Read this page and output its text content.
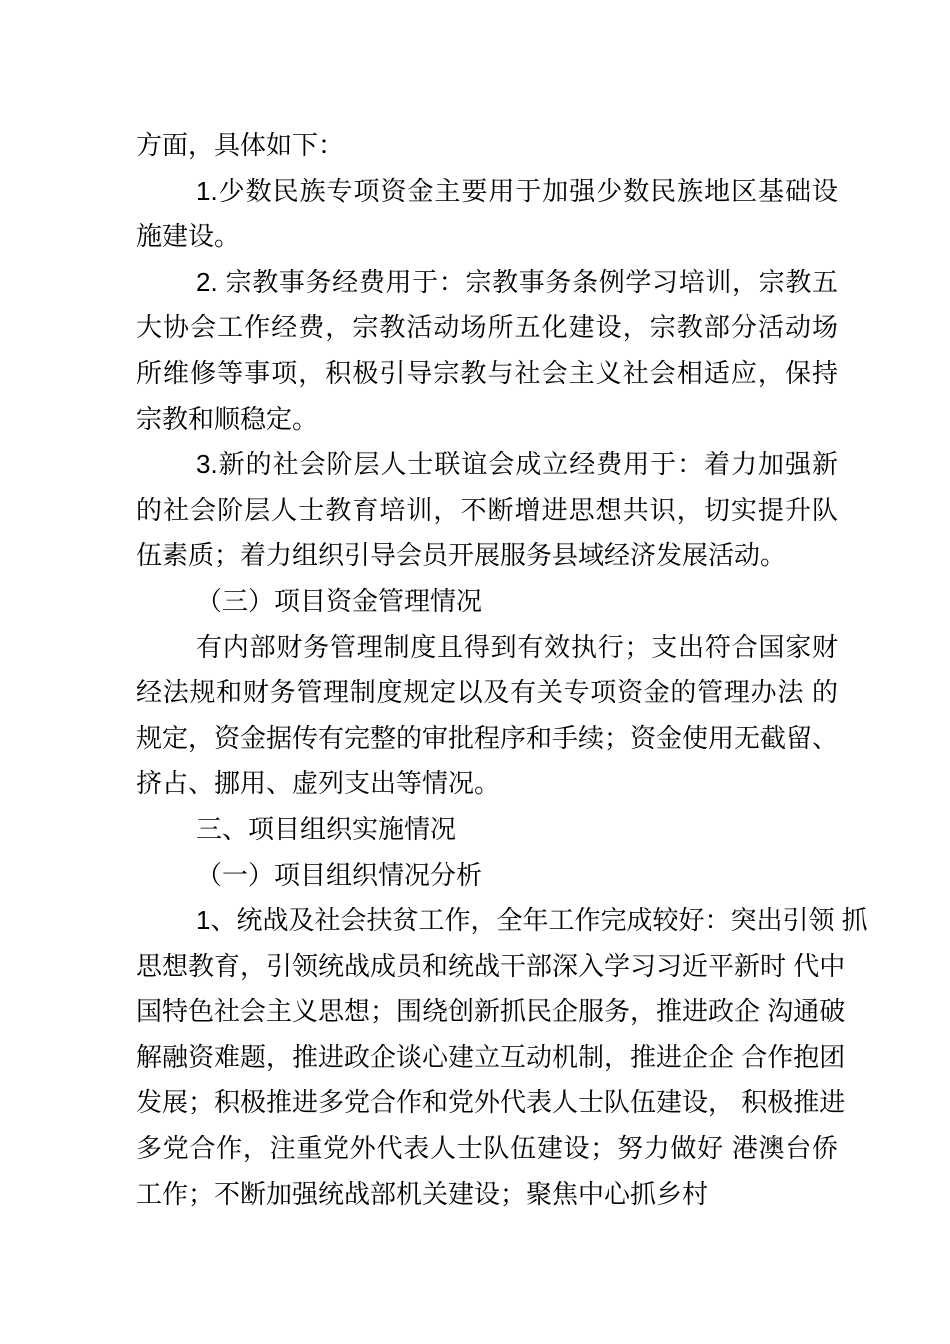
方面，具体如下：
1.少数民族专项资金主要用于加强少数民族地区基础设
施建设。
2. 宗教事务经费用于：宗教事务条例学习培训，宗教五
大协会工作经费，宗教活动场所五化建设，宗教部分活动场
所维修等事项，积极引导宗教与社会主义社会相适应，保持
宗教和顺稳定。
3.新的社会阶层人士联谊会成立经费用于：着力加强新
的社会阶层人士教育培训，不断增进思想共识，切实提升队
伍素质；着力组织引导会员开展服务县域经济发展活动。
（三）项目资金管理情况
有内部财务管理制度且得到有效执行；支出符合国家财
经法规和财务管理制度规定以及有关专项资金的管理办法 的
规定，资金据传有完整的审批程序和手续；资金使用无截留、
挤占、挪用、虚列支出等情况。
三、项目组织实施情况
（一）项目组织情况分析
1、统战及社会扶贫工作，全年工作完成较好：突出引领 抓
思想教育，引领统战成员和统战干部深入学习习近平新时 代中
国特色社会主义思想；围绕创新抓民企服务，推进政企 沟通破
解融资难题，推进政企谈心建立互动机制，推进企企 合作抱团
发展；积极推进多党合作和党外代表人士队伍建设， 积极推进
多党合作，注重党外代表人士队伍建设；努力做好 港澳台侨
工作；不断加强统战部机关建设；聚焦中心抓乡村
